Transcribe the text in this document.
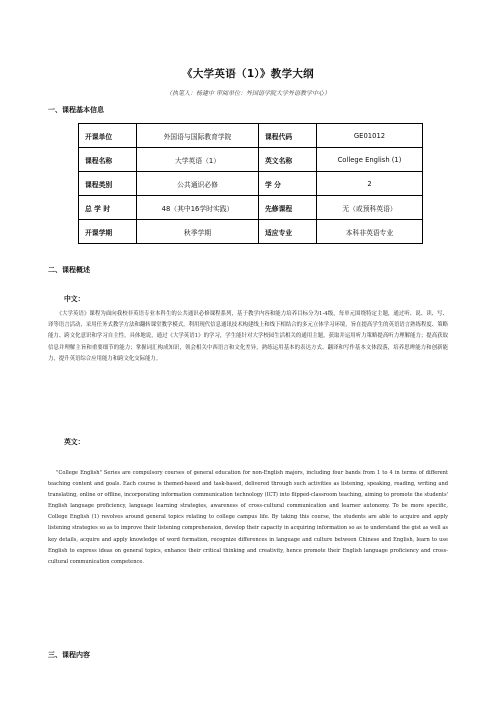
《大学英语（1）》教学大纲
（执笔人：杨建中 审阅单位：外国语学院大学外语教学中心）
一、课程基本信息
开课单位	外国语与国际教育学院	课程代码	GE01012
课程名称	大学英语（1）	英文名称	College English (1)
课程类别	公共通识必修	学 分	2
总 学 时	48（其中16学时实践）	先修课程	无（或预科英语）
开课学期	秋季学期	适应专业	本科非英语专业
二、课程概述
中文：

《大学英语》课程为面向我校非英语专业本科生的公共通识必修课程系列，基于教学内容和能力培养目标分为1-4级，每单元围绕特定主题，通过听、说、读、写、译等语言活动，采用任务式教学方法和翻转课堂教学模式，利用现代信息通讯技术构建线上和线下相结合的多元立体学习环境，旨在提高学生的英语语言熟练程度、策略能力、跨文化意识和学习自主性。具体地说，通过《大学英语1》的学习，学生能针对大学校园生活相关的通用主题，获取并运用听力策略提高听力理解能力；提高获取信息并理解主旨和重要细节的能力；掌握词汇构成知识，领会相关中西语言和文化差异，熟练运用基本的表达方式、翻译和写作基本文体段落，培养思辨能力和创新能力，提升英语综合应用能力和跨文化交际能力。

英文：

"College English" Series are compulsory courses of general education for non-English majors, including four bands from 1 to 4 in terms of different teaching content and goals. Each course is themed-based and task-based, delivered through such activities as listening, speaking, reading, writing and translating, online or offline, incorporating information communication technology (ICT) into flipped-classroom teaching, aiming to promote the students' English language proficiency, language learning strategies, awareness of cross-cultural communication and learner autonomy. To be more specific, College English (1) revolves around general topics relating to college campus life. By taking this course, the students are able to acquire and apply listening strategies so as to improve their listening comprehension, develop their capacity in acquiring information so as to understand the gist as well as key details, acquire and apply knowledge of word formation, recognize differences in language and culture between Chinese and English, learn to use English to express ideas on general topics, enhance their critical thinking and creativity, hence promote their English language proficiency and cross-cultural communication competence.

三、课程内容
